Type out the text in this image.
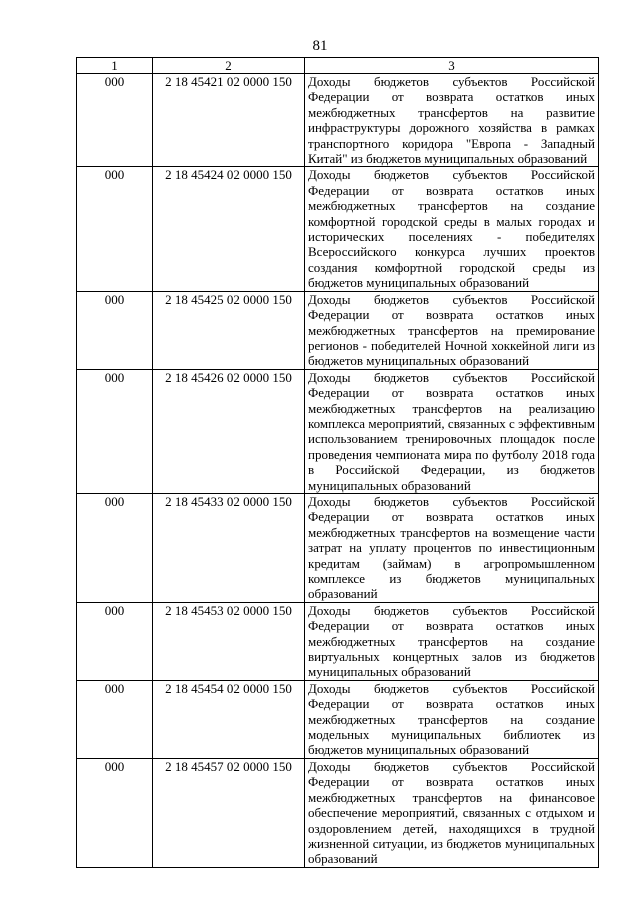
81
1	2	3
000	2 18 45421 02 0000 150	Доходы бюджетов субъектов Российской Федерации от возврата остатков иных межбюджетных трансфертов на развитие инфраструктуры дорожного хозяйства в рамках транспортного коридора "Европа - Западный Китай" из бюджетов муниципальных образований
000	2 18 45424 02 0000 150	Доходы бюджетов субъектов Российской Федерации от возврата остатков иных межбюджетных трансфертов на создание комфортной городской среды в малых городах и исторических поселениях - победителях Всероссийского конкурса лучших проектов создания комфортной городской среды из бюджетов муниципальных образований
000	2 18 45425 02 0000 150	Доходы бюджетов субъектов Российской Федерации от возврата остатков иных межбюджетных трансфертов на премирование регионов - победителей Ночной хоккейной лиги из бюджетов муниципальных образований
000	2 18 45426 02 0000 150	Доходы бюджетов субъектов Российской Федерации от возврата остатков иных межбюджетных трансфертов на реализацию комплекса мероприятий, связанных с эффективным использованием тренировочных площадок после проведения чемпионата мира по футболу 2018 года в Российской Федерации, из бюджетов муниципальных образований
000	2 18 45433 02 0000 150	Доходы бюджетов субъектов Российской Федерации от возврата остатков иных межбюджетных трансфертов на возмещение части затрат на уплату процентов по инвестиционным кредитам (займам) в агропромышленном комплексе из бюджетов муниципальных образований
000	2 18 45453 02 0000 150	Доходы бюджетов субъектов Российской Федерации от возврата остатков иных межбюджетных трансфертов на создание виртуальных концертных залов из бюджетов муниципальных образований
000	2 18 45454 02 0000 150	Доходы бюджетов субъектов Российской Федерации от возврата остатков иных межбюджетных трансфертов на создание модельных муниципальных библиотек из бюджетов муниципальных образований
000	2 18 45457 02 0000 150	Доходы бюджетов субъектов Российской Федерации от возврата остатков иных межбюджетных трансфертов на финансовое обеспечение мероприятий, связанных с отдыхом и оздоровлением детей, находящихся в трудной жизненной ситуации, из бюджетов муниципальных образований
